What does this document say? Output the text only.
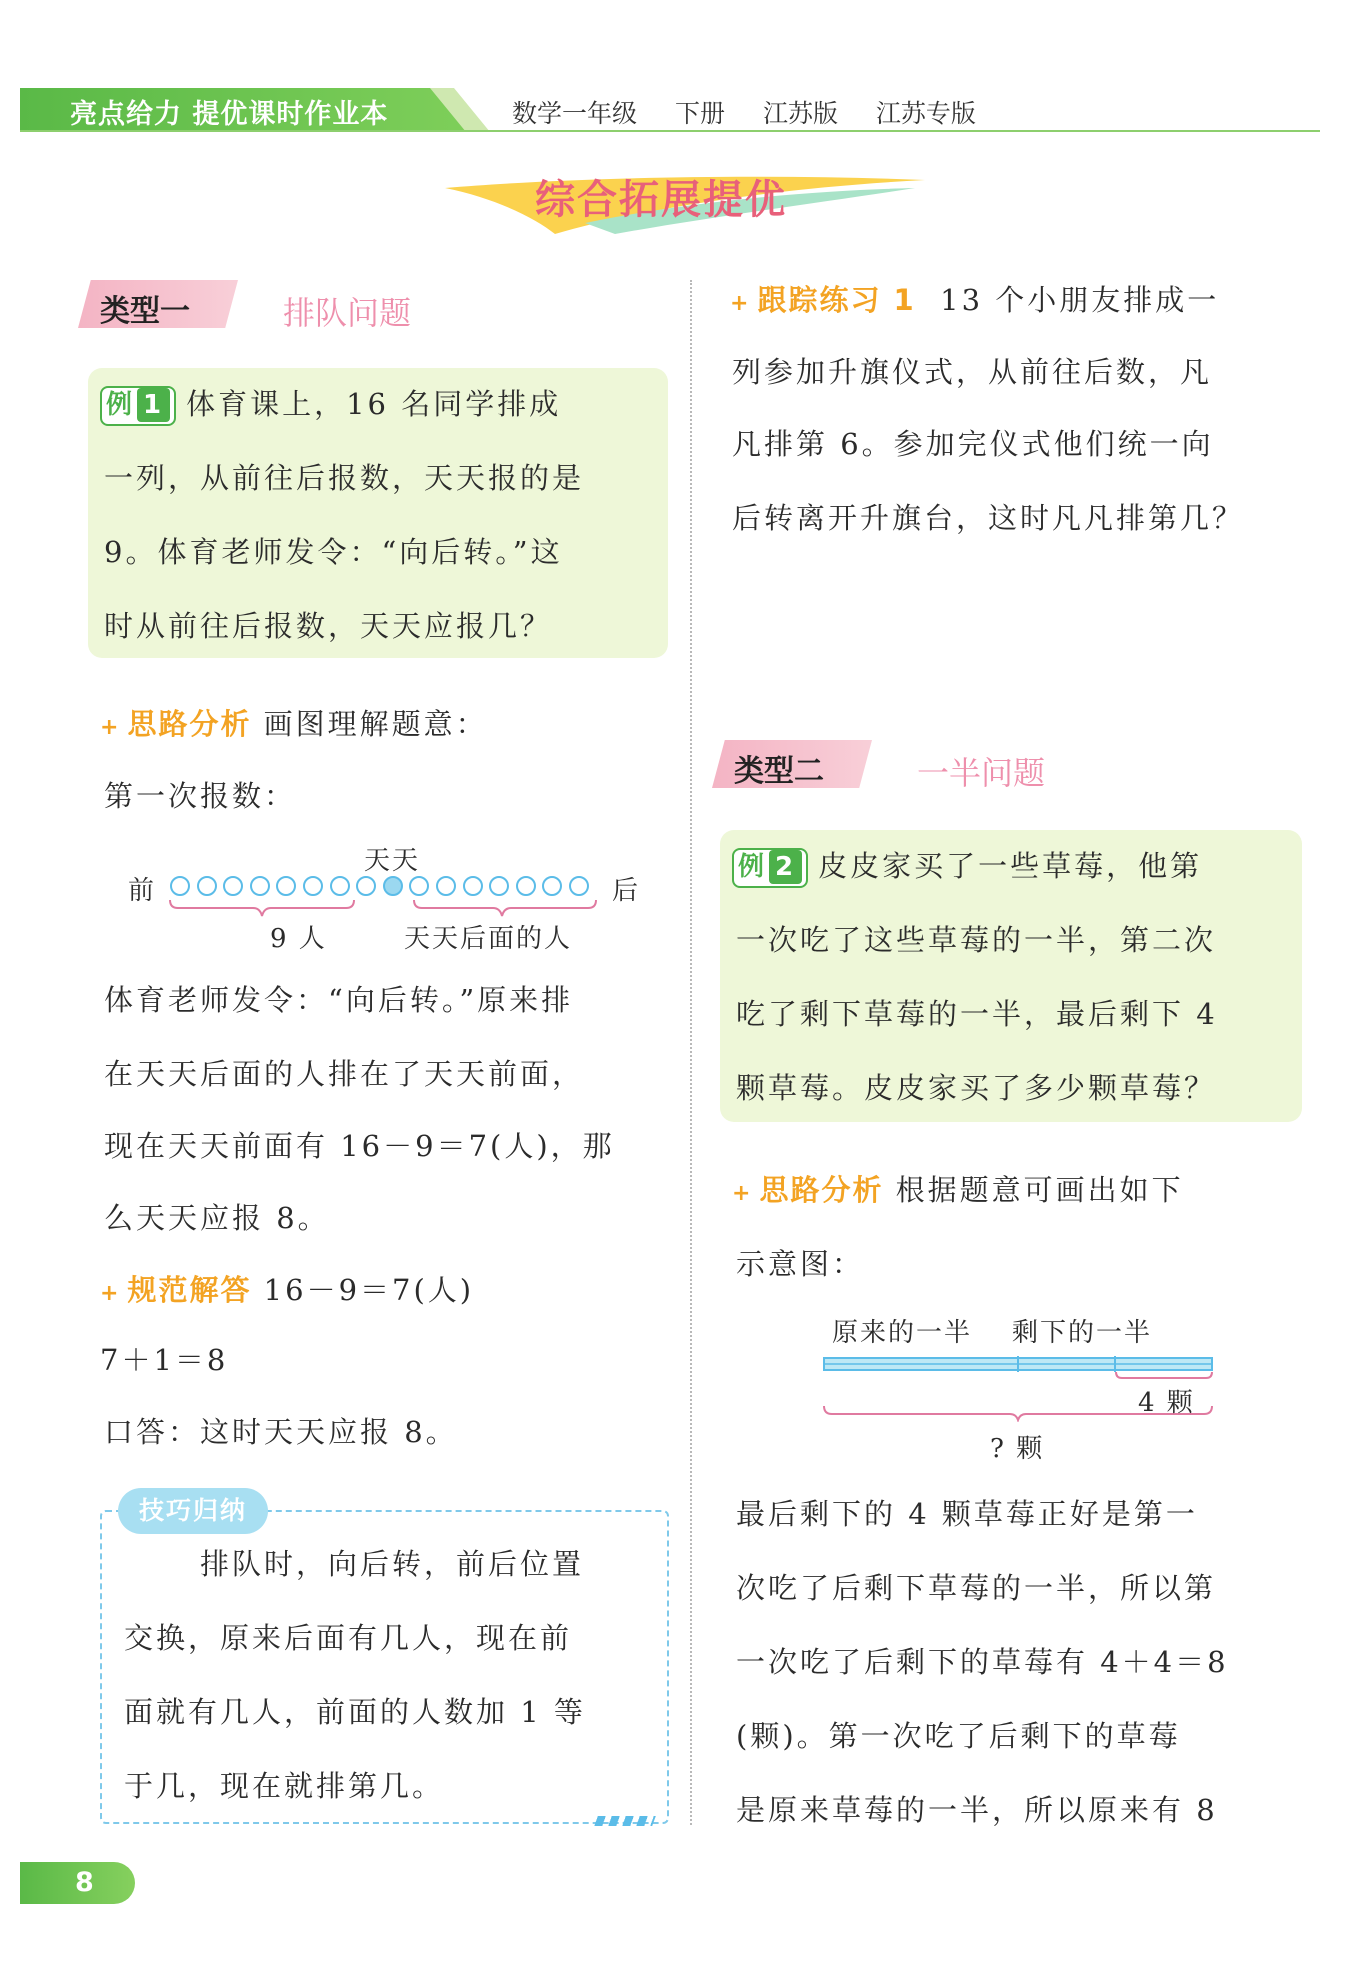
亮点给力 提优课时作业本	数学一年级 下册 江苏版 江苏专版
综合拓展提优
类型一	排队问题
例 1 体育课上，16 名同学排成
一列，从前往后报数，天天报的是
9。体育老师发令：“向后转。”这
时从前往后报数，天天应报几？
+ 思路分析 画图理解题意：
第一次报数：
天天
前	后
9 人	天天后面的人
体育老师发令：“向后转。”原来排
在天天后面的人排在了天天前面，
现在天天前面有 16－9＝7(人)，那
么天天应报 8。
+ 规范解答 16－9＝7(人)
7＋1＝8
口答：这时天天应报 8。
技巧归纳
排队时，向后转，前后位置
交换，原来后面有几人，现在前
面就有几人，前面的人数加 1 等
于几，现在就排第几。
+ 跟踪练习 1 13 个小朋友排成一
列参加升旗仪式，从前往后数，凡
凡排第 6。参加完仪式他们统一向
后转离开升旗台，这时凡凡排第几？
类型二	一半问题
例 2 皮皮家买了一些草莓，他第
一次吃了这些草莓的一半，第二次
吃了剩下草莓的一半，最后剩下 4
颗草莓。皮皮家买了多少颗草莓？
+ 思路分析 根据题意可画出如下
示意图：
原来的一半 剩下的一半
4 颗
? 颗
最后剩下的 4 颗草莓正好是第一
次吃了后剩下草莓的一半，所以第
一次吃了后剩下的草莓有 4＋4＝8
(颗)。第一次吃了后剩下的草莓
是原来草莓的一半，所以原来有 8
8
